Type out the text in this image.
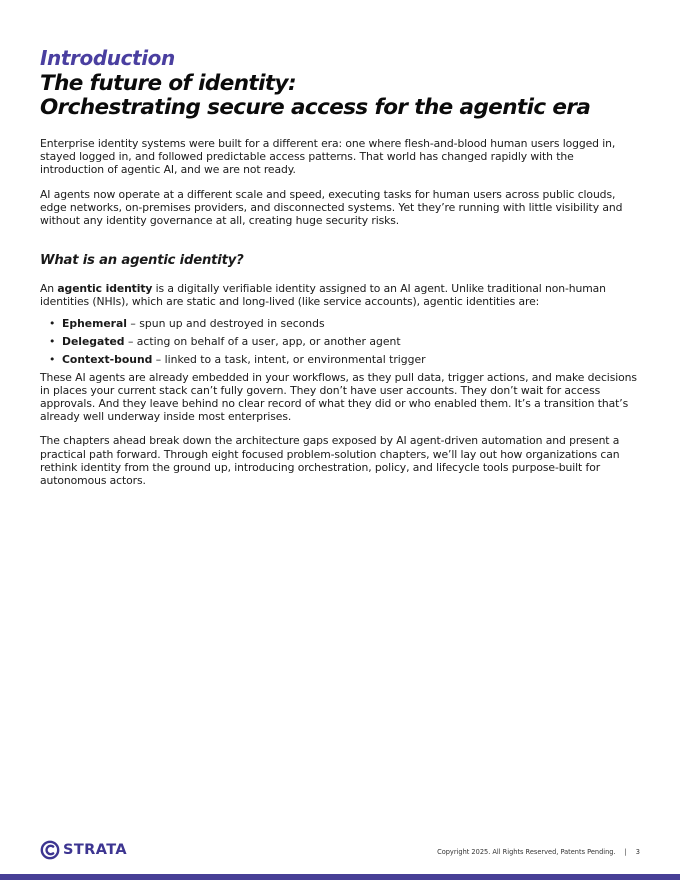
Introduction
The future of identity:
Orchestrating secure access for the agentic era

Enterprise identity systems were built for a different era: one where flesh-and-blood human users logged in, stayed logged in, and followed predictable access patterns. That world has changed rapidly with the introduction of agentic AI, and we are not ready.

AI agents now operate at a different scale and speed, executing tasks for human users across public clouds, edge networks, on-premises providers, and disconnected systems. Yet they’re running with little visibility and without any identity governance at all, creating huge security risks.

What is an agentic identity?

An agentic identity is a digitally verifiable identity assigned to an AI agent. Unlike traditional non-human identities (NHIs), which are static and long-lived (like service accounts), agentic identities are:

• Ephemeral – spun up and destroyed in seconds
• Delegated – acting on behalf of a user, app, or another agent
• Context-bound – linked to a task, intent, or environmental trigger

These AI agents are already embedded in your workflows, as they pull data, trigger actions, and make decisions in places your current stack can’t fully govern. They don’t have user accounts. They don’t wait for access approvals. And they leave behind no clear record of what they did or who enabled them. It’s a transition that’s already well underway inside most enterprises.

The chapters ahead break down the architecture gaps exposed by AI agent-driven automation and present a practical path forward. Through eight focused problem-solution chapters, we’ll lay out how organizations can rethink identity from the ground up, introducing orchestration, policy, and lifecycle tools purpose-built for autonomous actors.

STRATA	Copyright 2025. All Rights Reserved, Patents Pending. | 3
